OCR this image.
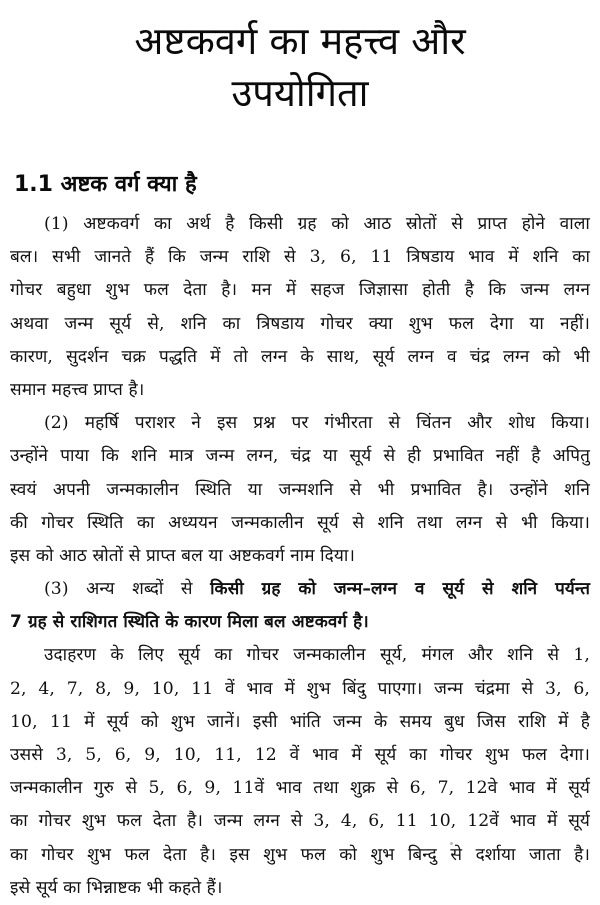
अष्टकवर्ग का महत्त्व और
उपयोगिता
1.1 अष्टक वर्ग क्या है
(1) अष्टकवर्ग का अर्थ है किसी ग्रह को आठ स्रोतों से प्राप्त होने वाला
बल। सभी जानते हैं कि जन्म राशि से 3, 6, 11 त्रिषडाय भाव में शनि का
गोचर बहुधा शुभ फल देता है। मन में सहज जिज्ञासा होती है कि जन्म लग्न
अथवा जन्म सूर्य से, शनि का त्रिषडाय गोचर क्या शुभ फल देगा या नहीं।
कारण, सुदर्शन चक्र पद्धति में तो लग्न के साथ, सूर्य लग्न व चंद्र लग्न को भी
समान महत्त्व प्राप्त है।
(2) महर्षि पराशर ने इस प्रश्न पर गंभीरता से चिंतन और शोध किया।
उन्होंने पाया कि शनि मात्र जन्म लग्न, चंद्र या सूर्य से ही प्रभावित नहीं है अपितु
स्वयं अपनी जन्मकालीन स्थिति या जन्मशनि से भी प्रभावित है। उन्होंने शनि
की गोचर स्थिति का अध्ययन जन्मकालीन सूर्य से शनि तथा लग्न से भी किया।
इस को आठ स्रोतों से प्राप्त बल या अष्टकवर्ग नाम दिया।
(3) अन्य शब्दों से किसी ग्रह को जन्म–लग्न व सूर्य से शनि पर्यन्त
7 ग्रह से राशिगत स्थिति के कारण मिला बल अष्टकवर्ग है।
उदाहरण के लिए सूर्य का गोचर जन्मकालीन सूर्य, मंगल और शनि से 1,
2, 4, 7, 8, 9, 10, 11 वें भाव में शुभ बिंदु पाएगा। जन्म चंद्रमा से 3, 6,
10, 11 में सूर्य को शुभ जानें। इसी भांति जन्म के समय बुध जिस राशि में है
उससे 3, 5, 6, 9, 10, 11, 12 वें भाव में सूर्य का गोचर शुभ फल देगा।
जन्मकालीन गुरु से 5, 6, 9, 11वें भाव तथा शुक्र से 6, 7, 12वे भाव में सूर्य
का गोचर शुभ फल देता है। जन्म लग्न से 3, 4, 6, 11 10, 12वें भाव में सूर्य
का गोचर शुभ फल देता है। इस शुभ फल को शुभ बिन्दु से दर्शाया जाता है।
इसे सूर्य का भिन्नाष्टक भी कहते हैं।
